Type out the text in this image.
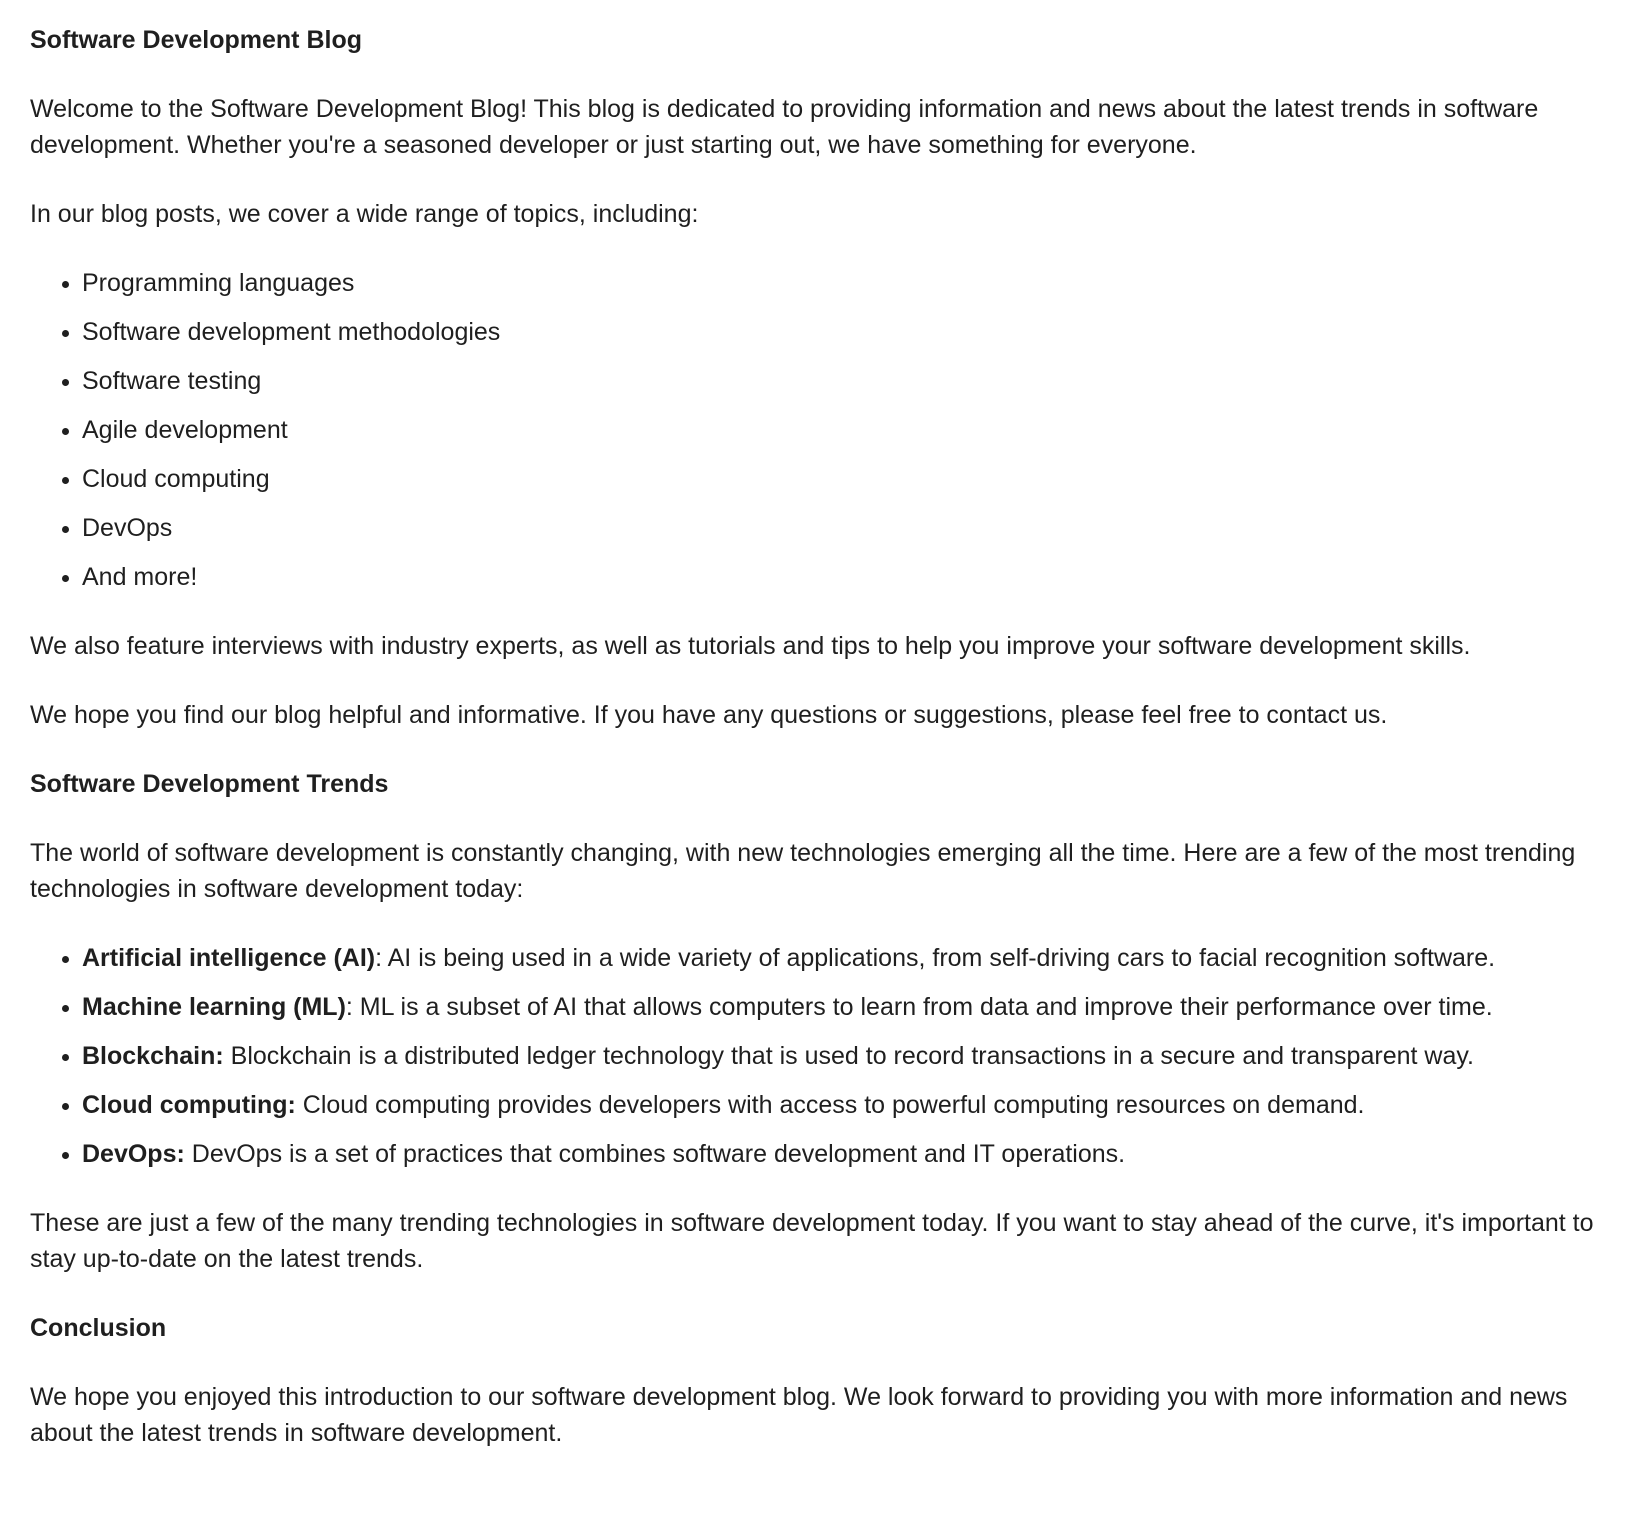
Software Development Blog

Welcome to the Software Development Blog! This blog is dedicated to providing information and news about the latest trends in software development. Whether you're a seasoned developer or just starting out, we have something for everyone.

In our blog posts, we cover a wide range of topics, including:

• Programming languages
• Software development methodologies
• Software testing
• Agile development
• Cloud computing
• DevOps
• And more!

We also feature interviews with industry experts, as well as tutorials and tips to help you improve your software development skills.

We hope you find our blog helpful and informative. If you have any questions or suggestions, please feel free to contact us.

Software Development Trends

The world of software development is constantly changing, with new technologies emerging all the time. Here are a few of the most trending technologies in software development today:

• Artificial intelligence (AI): AI is being used in a wide variety of applications, from self-driving cars to facial recognition software.
• Machine learning (ML): ML is a subset of AI that allows computers to learn from data and improve their performance over time.
• Blockchain: Blockchain is a distributed ledger technology that is used to record transactions in a secure and transparent way.
• Cloud computing: Cloud computing provides developers with access to powerful computing resources on demand.
• DevOps: DevOps is a set of practices that combines software development and IT operations.

These are just a few of the many trending technologies in software development today. If you want to stay ahead of the curve, it's important to stay up-to-date on the latest trends.

Conclusion

We hope you enjoyed this introduction to our software development blog. We look forward to providing you with more information and news about the latest trends in software development.
